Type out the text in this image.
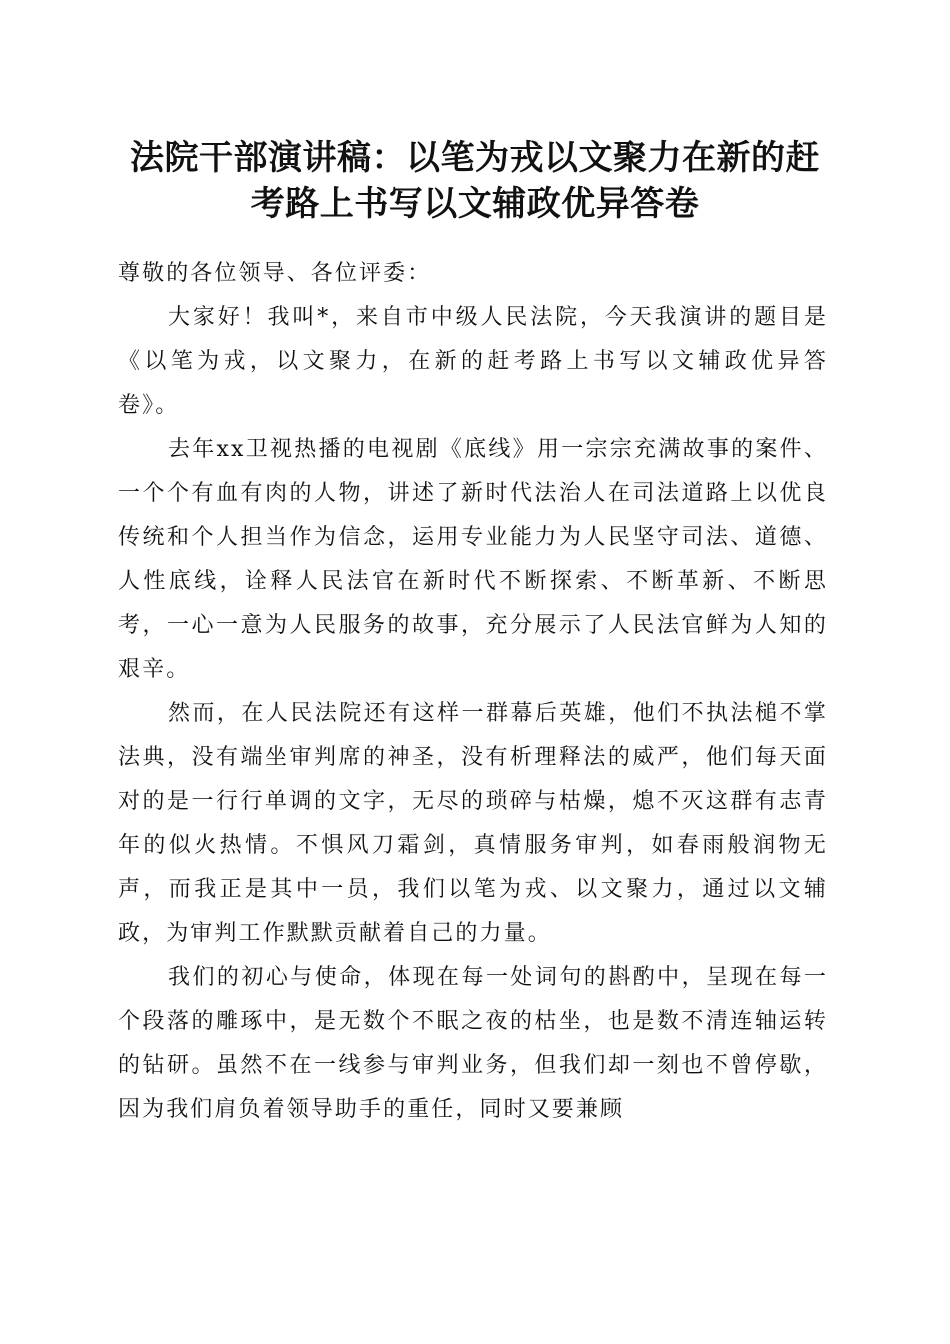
法院干部演讲稿：以笔为戎以文聚力在新的赶
考路上书写以文辅政优异答卷

尊敬的各位领导、各位评委：

大家好！我叫*，来自市中级人民法院，今天我演讲的题目是《以笔为戎，以文聚力，在新的赶考路上书写以文辅政优异答卷》。

去年xx卫视热播的电视剧《底线》用一宗宗充满故事的案件、一个个有血有肉的人物，讲述了新时代法治人在司法道路上以优良传统和个人担当作为信念，运用专业能力为人民坚守司法、道德、人性底线，诠释人民法官在新时代不断探索、不断革新、不断思考，一心一意为人民服务的故事，充分展示了人民法官鲜为人知的艰辛。

然而，在人民法院还有这样一群幕后英雄，他们不执法槌不掌法典，没有端坐审判席的神圣，没有析理释法的威严，他们每天面对的是一行行单调的文字，无尽的琐碎与枯燥，熄不灭这群有志青年的似火热情。不惧风刀霜剑，真情服务审判，如春雨般润物无声，而我正是其中一员，我们以笔为戎、以文聚力，通过以文辅政，为审判工作默默贡献着自己的力量。

我们的初心与使命，体现在每一处词句的斟酌中，呈现在每一个段落的雕琢中，是无数个不眠之夜的枯坐，也是数不清连轴运转的钻研。虽然不在一线参与审判业务，但我们却一刻也不曾停歇，因为我们肩负着领导助手的重任，同时又要兼顾
